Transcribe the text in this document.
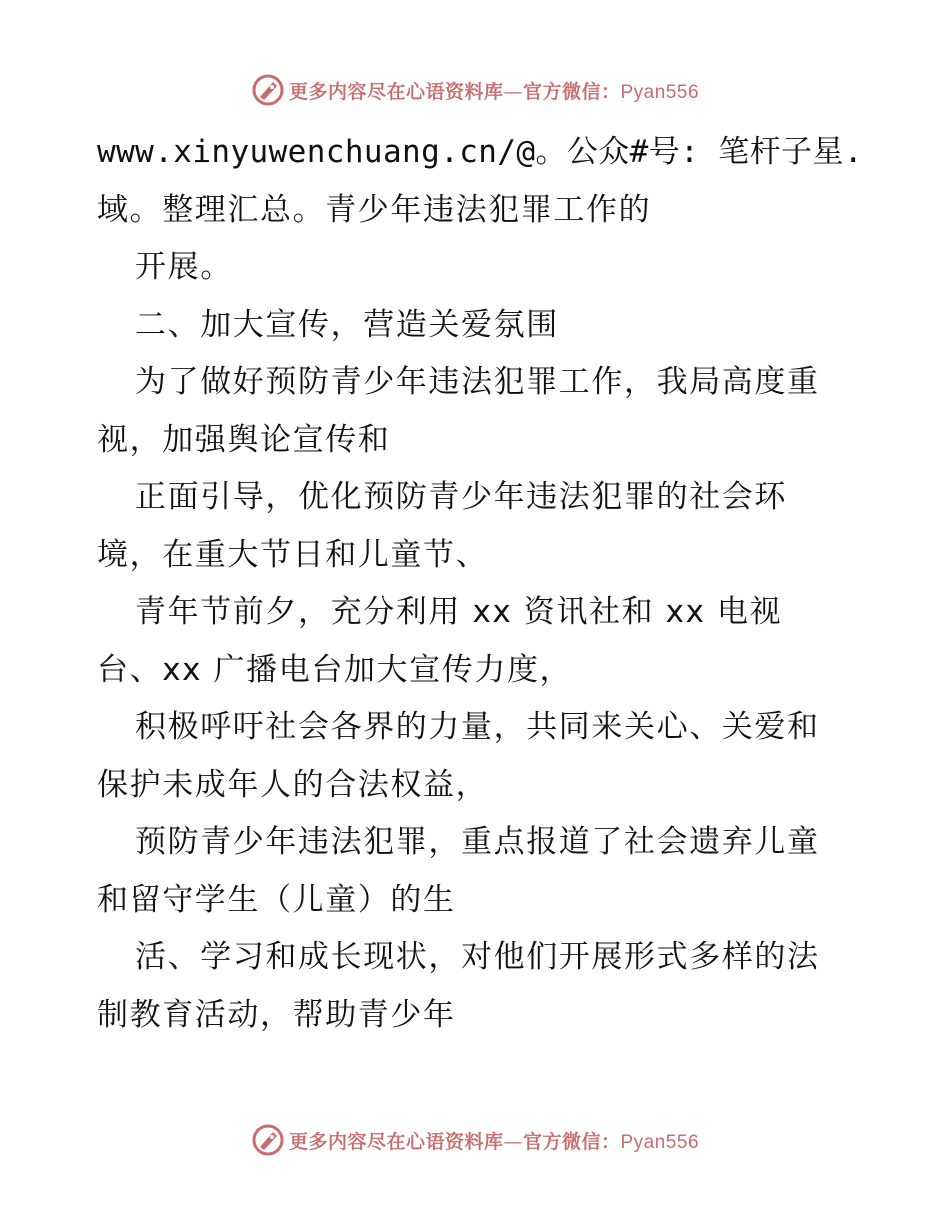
更多内容尽在心语资料库—官方微信：Pyan556
www.xinyuwenchuang.cn/@。公众#号: 笔杆子星.
域。整理汇总。青少年违法犯罪工作的
开展。
二、加大宣传，营造关爱氛围
为了做好预防青少年违法犯罪工作，我局高度重
视，加强舆论宣传和
正面引导，优化预防青少年违法犯罪的社会环
境，在重大节日和儿童节、
青年节前夕，充分利用 xx 资讯社和 xx 电视
台、xx 广播电台加大宣传力度，
积极呼吁社会各界的力量，共同来关心、关爱和
保护未成年人的合法权益，
预防青少年违法犯罪，重点报道了社会遗弃儿童
和留守学生（儿童）的生
活、学习和成长现状，对他们开展形式多样的法
制教育活动，帮助青少年
更多内容尽在心语资料库—官方微信：Pyan556
